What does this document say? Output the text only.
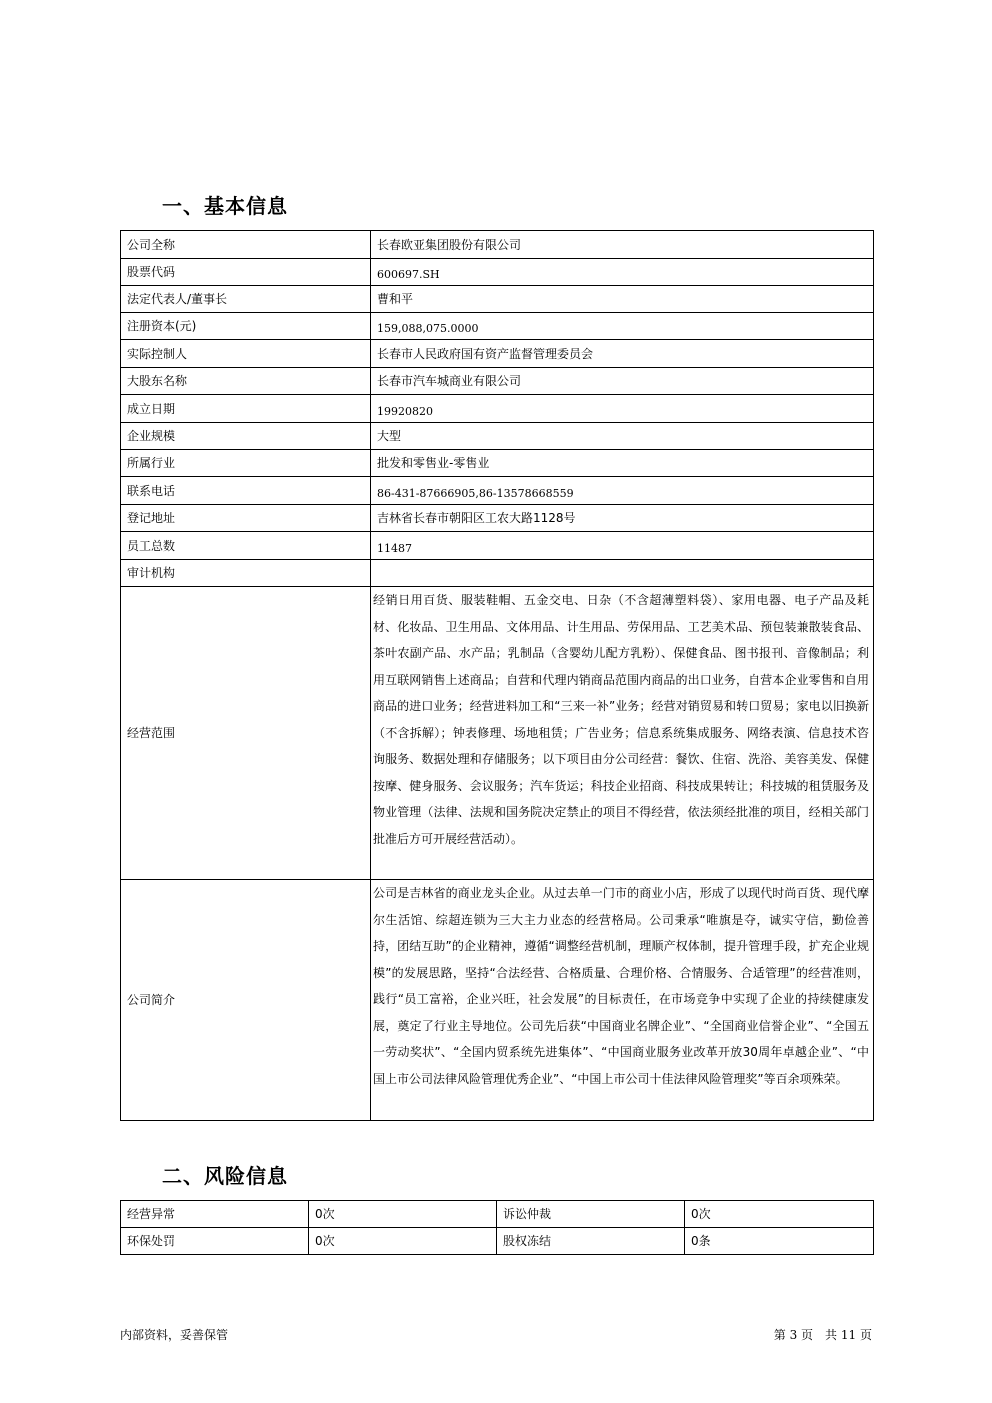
一、基本信息
公司全称	长春欧亚集团股份有限公司
股票代码	600697.SH
法定代表人/董事长	曹和平
注册资本(元)	159,088,075.0000
实际控制人	长春市人民政府国有资产监督管理委员会
大股东名称	长春市汽车城商业有限公司
成立日期	19920820
企业规模	大型
所属行业	批发和零售业-零售业
联系电话	86-431-87666905,86-13578668559
登记地址	吉林省长春市朝阳区工农大路1128号
员工总数	11487
审计机构	
经营范围	经销日用百货、服装鞋帽、五金交电、日杂（不含超薄塑料袋）、家用电器、电子产品及耗材、化妆品、卫生用品、文体用品、计生用品、劳保用品、工艺美术品、预包装兼散装食品、茶叶农副产品、水产品；乳制品（含婴幼儿配方乳粉）、保健食品、图书报刊、音像制品；利用互联网销售上述商品；自营和代理内销商品范围内商品的出口业务，自营本企业零售和自用商品的进口业务；经营进料加工和“三来一补”业务；经营对销贸易和转口贸易；家电以旧换新（不含拆解）；钟表修理、场地租赁；广告业务；信息系统集成服务、网络表演、信息技术咨询服务、数据处理和存储服务；以下项目由分公司经营：餐饮、住宿、洗浴、美容美发、保健按摩、健身服务、会议服务；汽车货运；科技企业招商、科技成果转让；科技城的租赁服务及物业管理（法律、法规和国务院决定禁止的项目不得经营，依法须经批准的项目，经相关部门批准后方可开展经营活动）。
公司简介	公司是吉林省的商业龙头企业。从过去单一门市的商业小店，形成了以现代时尚百货、现代摩尔生活馆、综超连锁为三大主力业态的经营格局。公司秉承“唯旗是夺，诚实守信，勤俭善持，团结互助”的企业精神，遵循“调整经营机制，理顺产权体制，提升管理手段，扩充企业规模”的发展思路，坚持“合法经营、合格质量、合理价格、合情服务、合适管理”的经营准则，践行“员工富裕，企业兴旺，社会发展”的目标责任，在市场竞争中实现了企业的持续健康发展，奠定了行业主导地位。公司先后获“中国商业名牌企业”、“全国商业信誉企业”、“全国五一劳动奖状”、“全国内贸系统先进集体”、“中国商业服务业改革开放30周年卓越企业”、“中国上市公司法律风险管理优秀企业”、“中国上市公司十佳法律风险管理奖”等百余项殊荣。
二、风险信息
经营异常	0次	诉讼仲裁	0次
环保处罚	0次	股权冻结	0条
内部资料，妥善保管	第 3 页　共 11 页
